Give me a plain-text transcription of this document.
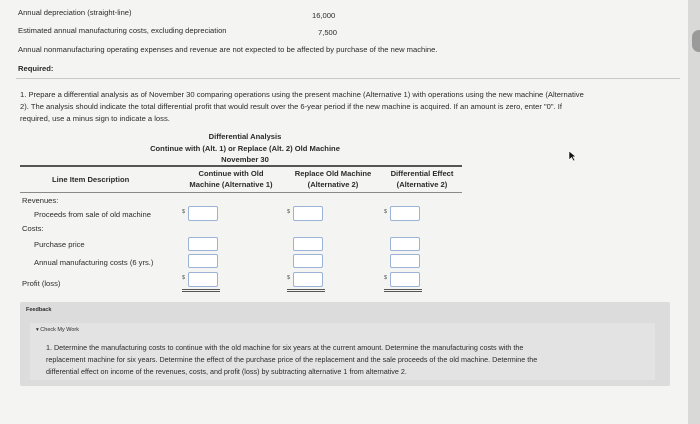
Annual depreciation (straight-line)	16,000
Estimated annual manufacturing costs, excluding depreciation	7,500
Annual nonmanufacturing operating expenses and revenue are not expected to be affected by purchase of the new machine.
Required:
1. Prepare a differential analysis as of November 30 comparing operations using the present machine (Alternative 1) with operations using the new machine (Alternative
2). The analysis should indicate the total differential profit that would result over the 6-year period if the new machine is acquired. If an amount is zero, enter "0". If
required, use a minus sign to indicate a loss.
Differential Analysis
Continue with (Alt. 1) or Replace (Alt. 2) Old Machine
November 30
Line Item Description
Continue with Old
Machine (Alternative 1)
Replace Old Machine
(Alternative 2)
Differential Effect
(Alternative 2)
Revenues:
Proceeds from sale of old machine
Costs:
Purchase price
Annual manufacturing costs (6 yrs.)
Profit (loss)
$
$
$
$
$
$
Feedback
▾ Check My Work
1. Determine the manufacturing costs to continue with the old machine for six years at the current amount. Determine the manufacturing costs with the
replacement machine for six years. Determine the effect of the purchase price of the replacement and the sale proceeds of the old machine. Determine the
differential effect on income of the revenues, costs, and profit (loss) by subtracting alternative 1 from alternative 2.
